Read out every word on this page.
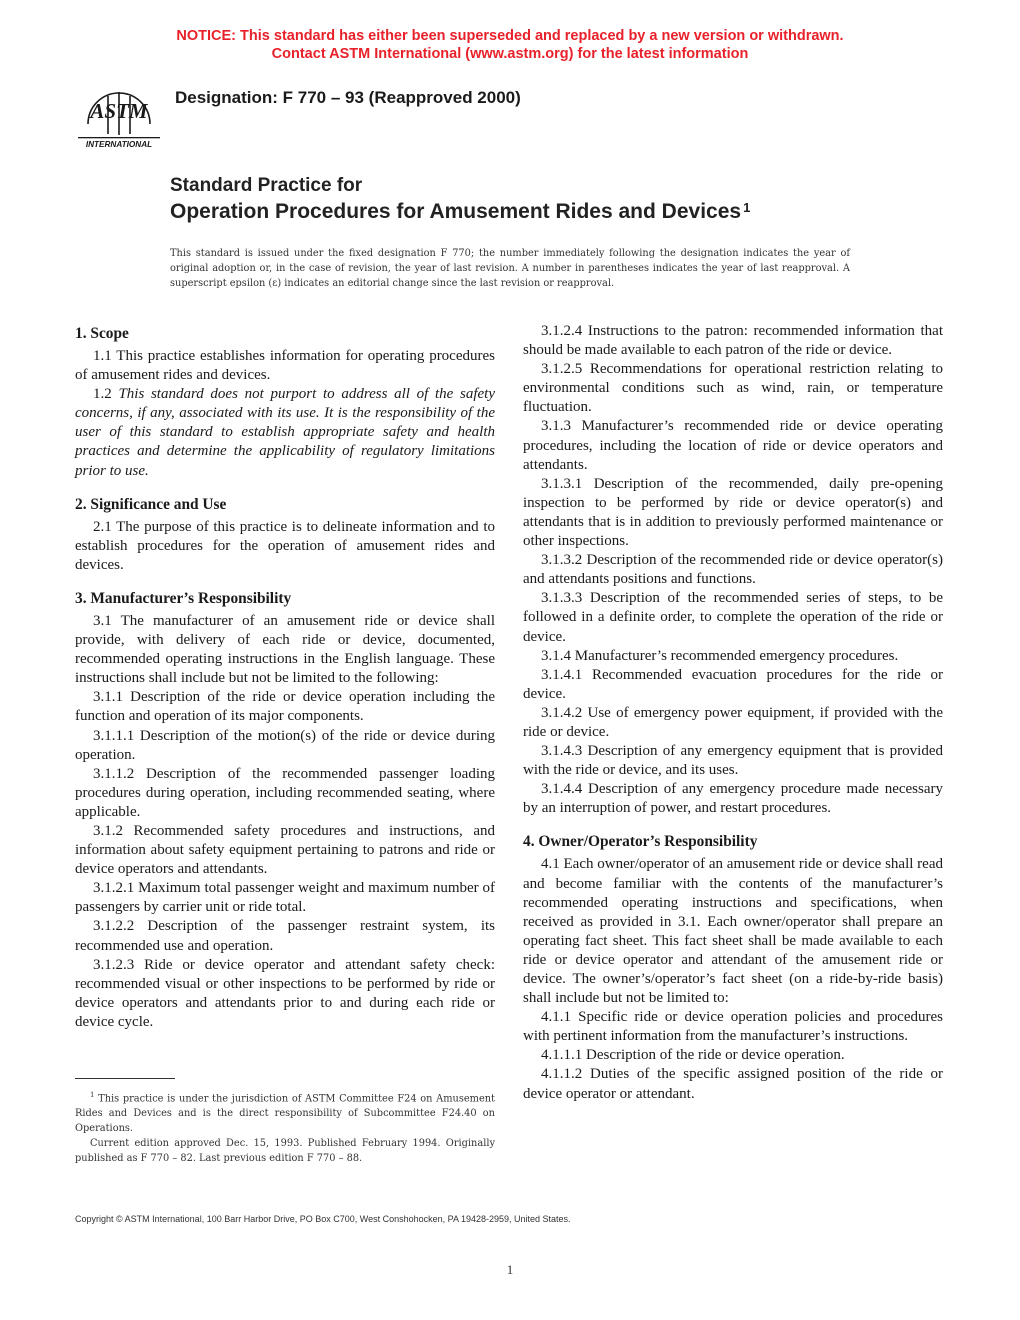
NOTICE: This standard has either been superseded and replaced by a new version or withdrawn.
Contact ASTM International (www.astm.org) for the latest information
ASTM
INTERNATIONAL
Designation: F 770 – 93 (Reapproved 2000)
Standard Practice for
Operation Procedures for Amusement Rides and Devices $^1$
This standard is issued under the fixed designation F 770; the number immediately following the designation indicates the year of original adoption or, in the case of revision, the year of last revision. A number in parentheses indicates the year of last reapproval. A superscript epsilon (ε) indicates an editorial change since the last revision or reapproval.
1. Scope

1.1 This practice establishes information for operating procedures of amusement rides and devices.

1.2 This standard does not purport to address all of the safety concerns, if any, associated with its use. It is the responsibility of the user of this standard to establish appropriate safety and health practices and determine the applicability of regulatory limitations prior to use.

2. Significance and Use

2.1 The purpose of this practice is to delineate information and to establish procedures for the operation of amusement rides and devices.

3. Manufacturer’s Responsibility

3.1 The manufacturer of an amusement ride or device shall provide, with delivery of each ride or device, documented, recommended operating instructions in the English language. These instructions shall include but not be limited to the following:

3.1.1 Description of the ride or device operation including the function and operation of its major components.

3.1.1.1 Description of the motion(s) of the ride or device during operation.

3.1.1.2 Description of the recommended passenger loading procedures during operation, including recommended seating, where applicable.

3.1.2 Recommended safety procedures and instructions, and information about safety equipment pertaining to patrons and ride or device operators and attendants.

3.1.2.1 Maximum total passenger weight and maximum number of passengers by carrier unit or ride total.

3.1.2.2 Description of the passenger restraint system, its recommended use and operation.

3.1.2.3 Ride or device operator and attendant safety check: recommended visual or other inspections to be performed by ride or device operators and attendants prior to and during each ride or device cycle.

3.1.2.4 Instructions to the patron: recommended information that should be made available to each patron of the ride or device.

3.1.2.5 Recommendations for operational restriction relating to environmental conditions such as wind, rain, or temperature fluctuation.

3.1.3 Manufacturer’s recommended ride or device operating procedures, including the location of ride or device operators and attendants.

3.1.3.1 Description of the recommended, daily pre-opening inspection to be performed by ride or device operator(s) and attendants that is in addition to previously performed maintenance or other inspections.

3.1.3.2 Description of the recommended ride or device operator(s) and attendants positions and functions.

3.1.3.3 Description of the recommended series of steps, to be followed in a definite order, to complete the operation of the ride or device.

3.1.4 Manufacturer’s recommended emergency procedures.

3.1.4.1 Recommended evacuation procedures for the ride or device.

3.1.4.2 Use of emergency power equipment, if provided with the ride or device.

3.1.4.3 Description of any emergency equipment that is provided with the ride or device, and its uses.

3.1.4.4 Description of any emergency procedure made necessary by an interruption of power, and restart procedures.

4. Owner/Operator’s Responsibility

4.1 Each owner/operator of an amusement ride or device shall read and become familiar with the contents of the manufacturer’s recommended operating instructions and specifications, when received as provided in 3.1. Each owner/operator shall prepare an operating fact sheet. This fact sheet shall be made available to each ride or device operator and attendant of the amusement ride or device. The owner’s/operator’s fact sheet (on a ride-by-ride basis) shall include but not be limited to:

4.1.1 Specific ride or device operation policies and procedures with pertinent information from the manufacturer’s instructions.

4.1.1.1 Description of the ride or device operation.

4.1.1.2 Duties of the specific assigned position of the ride or device operator or attendant.

$^1$ This practice is under the jurisdiction of ASTM Committee F24 on Amusement Rides and Devices and is the direct responsibility of Subcommittee F24.40 on Operations.

Current edition approved Dec. 15, 1993. Published February 1994. Originally published as F 770 – 82. Last previous edition F 770 – 88.

Copyright © ASTM International, 100 Barr Harbor Drive, PO Box C700, West Conshohocken, PA 19428-2959, United States.
1
